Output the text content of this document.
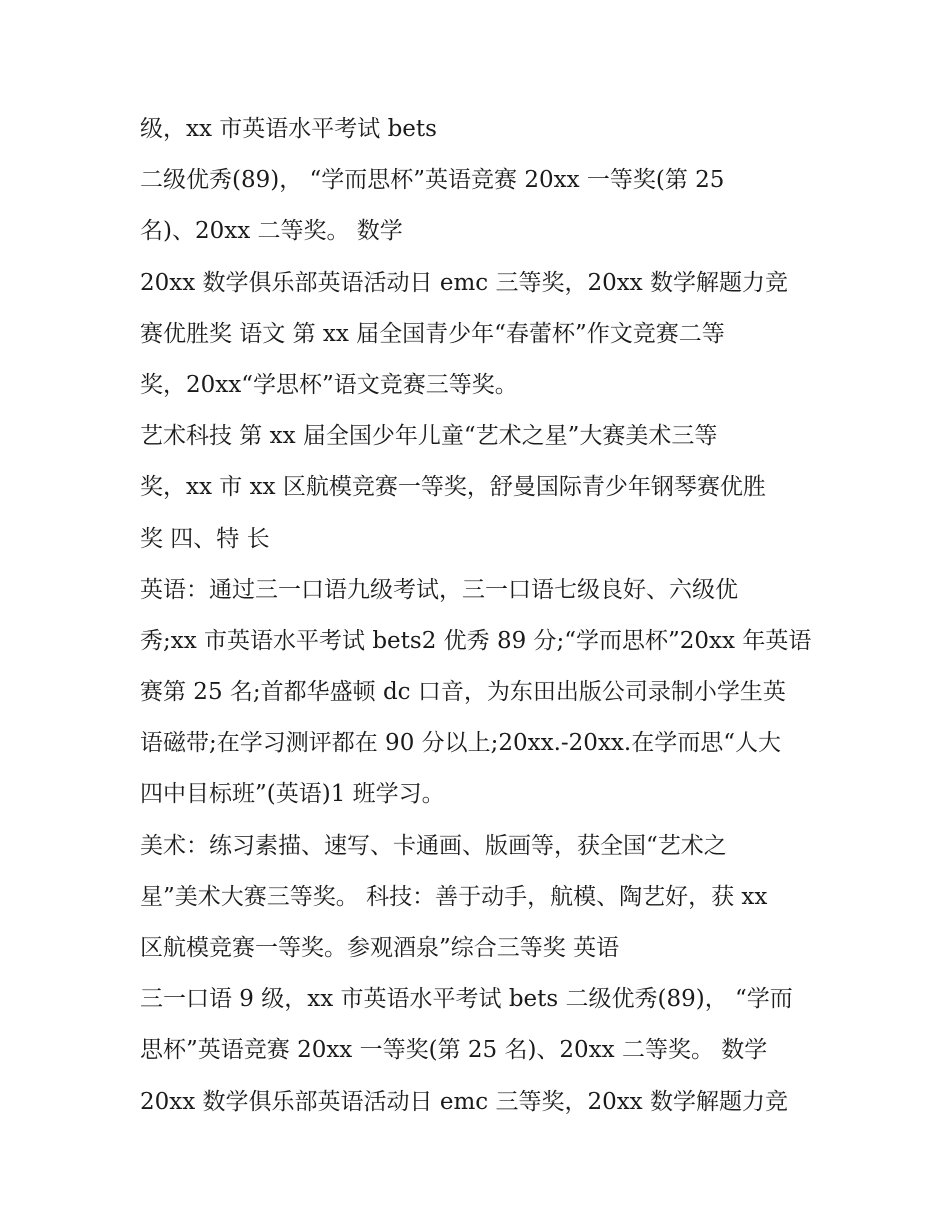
级，xx 市英语水平考试 bets
二级优秀(89)， “学而思杯”英语竞赛 20xx 一等奖(第 25
名)、20xx 二等奖。 数学
20xx 数学俱乐部英语活动日 emc 三等奖，20xx 数学解题力竞
赛优胜奖 语文 第 xx 届全国青少年“春蕾杯”作文竞赛二等
奖，20xx“学思杯”语文竞赛三等奖。
艺术科技 第 xx 届全国少年儿童“艺术之星”大赛美术三等
奖，xx 市 xx 区航模竞赛一等奖，舒曼国际青少年钢琴赛优胜
奖 四、特 长
英语：通过三一口语九级考试，三一口语七级良好、六级优
秀;xx 市英语水平考试 bets2 优秀 89 分;“学而思杯”20xx 年英语
赛第 25 名;首都华盛顿 dc 口音，为东田出版公司录制小学生英
语磁带;在学习测评都在 90 分以上;20xx.-20xx.在学而思“人大
四中目标班”(英语)1 班学习。
美术：练习素描、速写、卡通画、版画等，获全国“艺术之
星”美术大赛三等奖。 科技：善于动手，航模、陶艺好，获 xx
区航模竞赛一等奖。参观酒泉”综合三等奖 英语
三一口语 9 级，xx 市英语水平考试 bets 二级优秀(89)， “学而
思杯”英语竞赛 20xx 一等奖(第 25 名)、20xx 二等奖。 数学
20xx 数学俱乐部英语活动日 emc 三等奖，20xx 数学解题力竞
